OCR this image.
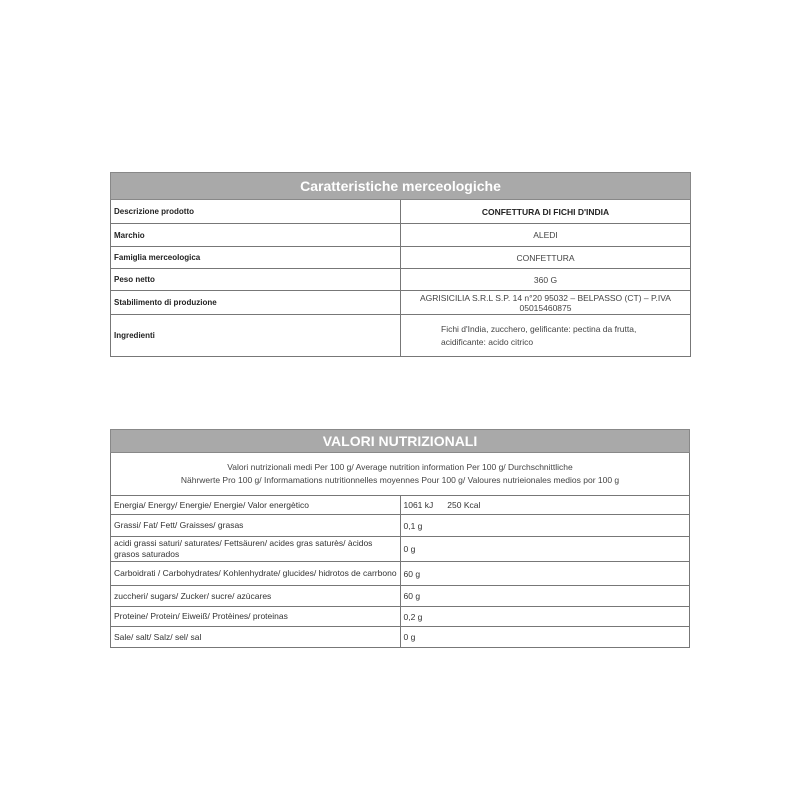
Caratteristiche merceologiche	
Descrizione prodotto	CONFETTURA DI FICHI D'INDIA
Marchio	ALEDI
Famiglia merceologica	CONFETTURA
Peso netto	360 G
Stabilimento di produzione	AGRISICILIA S.R.L S.P. 14 n°20 95032 – BELPASSO (CT) – P.IVA 05015460875
Ingredienti	Fichi d'India, zucchero, gelificante: pectina da frutta,
acidificante: acido citrico
VALORI NUTRIZIONALI	

Valori nutrizionali medi Per 100 g/ Average nutrition information Per 100 g/ Durchschnittliche
Nährwerte Pro 100 g/ Informamations nutritionnelles moyennes Pour 100 g/ Valoures nutrieionales medios por 100 g	

Energia/ Energy/ Energie/ Energie/ Valor energètico	1061 kJ 250 Kcal
Grassi/ Fat/ Fett/ Graisses/ grasas	0,1 g
acidi grassi saturi/ saturates/ Fettsäuren/ acides gras saturès/ àcidos grasos saturados	0 g
Carboidrati / Carbohydrates/ Kohlenhydrate/ glucides/ hidrotos de carrbono	60 g
zuccheri/ sugars/ Zucker/ sucre/ azùcares	60 g
Proteine/ Protein/ Eiweiß/ Protèines/ proteinas	0,2 g
Sale/ salt/ Salz/ sel/ sal	0 g
